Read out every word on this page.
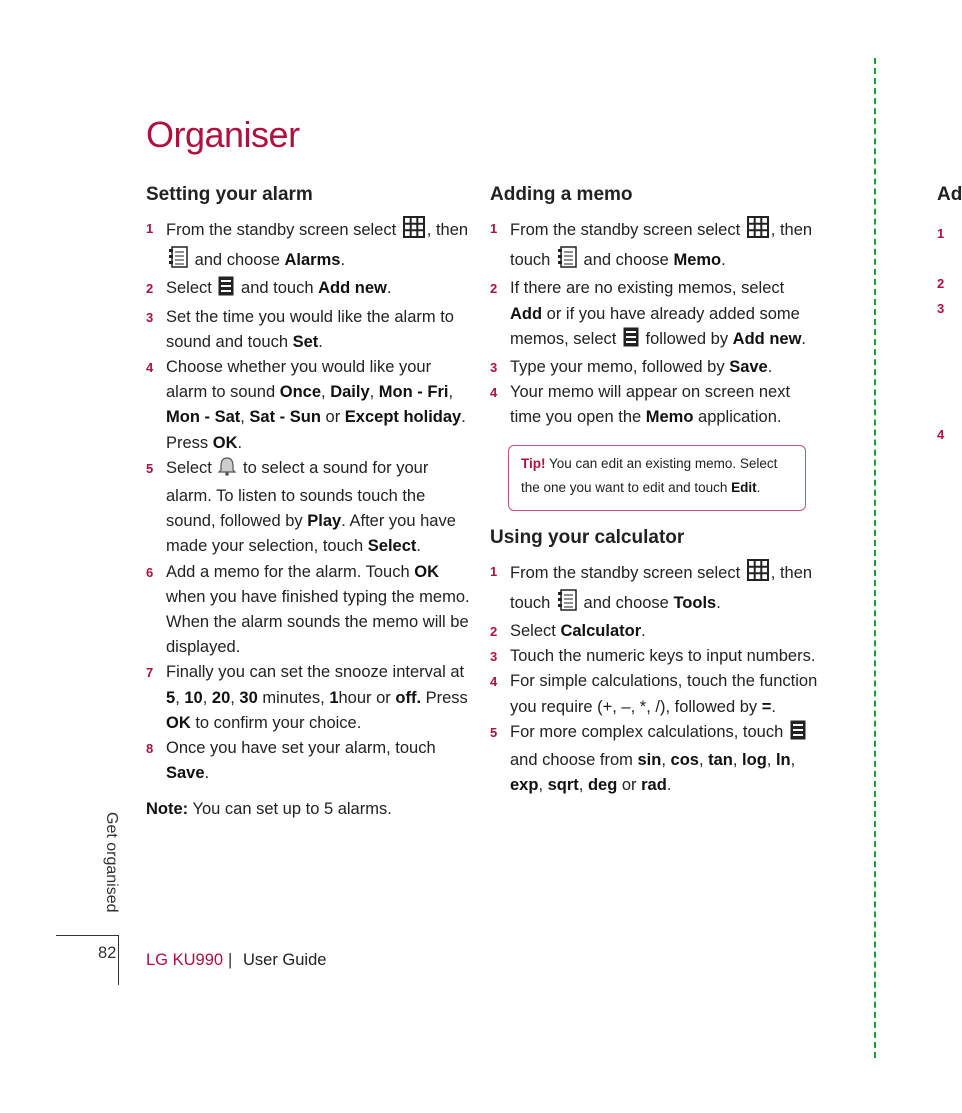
Organiser
Setting your alarm
1 From the standby screen select , then  and choose Alarms.
2 Select  and touch Add new.
3 Set the time you would like the alarm to sound and touch Set.
4 Choose whether you would like your alarm to sound Once, Daily, Mon - Fri, Mon - Sat, Sat - Sun or Except holiday. Press OK.
5 Select  to select a sound for your alarm. To listen to sounds touch the sound, followed by Play. After you have made your selection, touch Select.
6 Add a memo for the alarm. Touch OK when you have finished typing the memo. When the alarm sounds the memo will be displayed.
7 Finally you can set the snooze interval at 5, 10, 20, 30 minutes, 1hour or off. Press OK to confirm your choice.
8 Once you have set your alarm, touch Save.
Note: You can set up to 5 alarms.
Adding a memo
1 From the standby screen select , then touch  and choose Memo.
2 If there are no existing memos, select Add or if you have already added some memos, select  followed by Add new.
3 Type your memo, followed by Save.
4 Your memo will appear on screen next time you open the Memo application.
Tip! You can edit an existing memo. Select the one you want to edit and touch Edit.
Using your calculator
1 From the standby screen select , then touch  and choose Tools.
2 Select Calculator.
3 Touch the numeric keys to input numbers.
4 For simple calculations, touch the function you require (+, –, *, /), followed by =.
5 For more complex calculations, touch  and choose from sin, cos, tan, log, ln, exp, sqrt, deg or rad.
Ad
1
2
3
4
Get organised
82 LG KU990 | User Guide
